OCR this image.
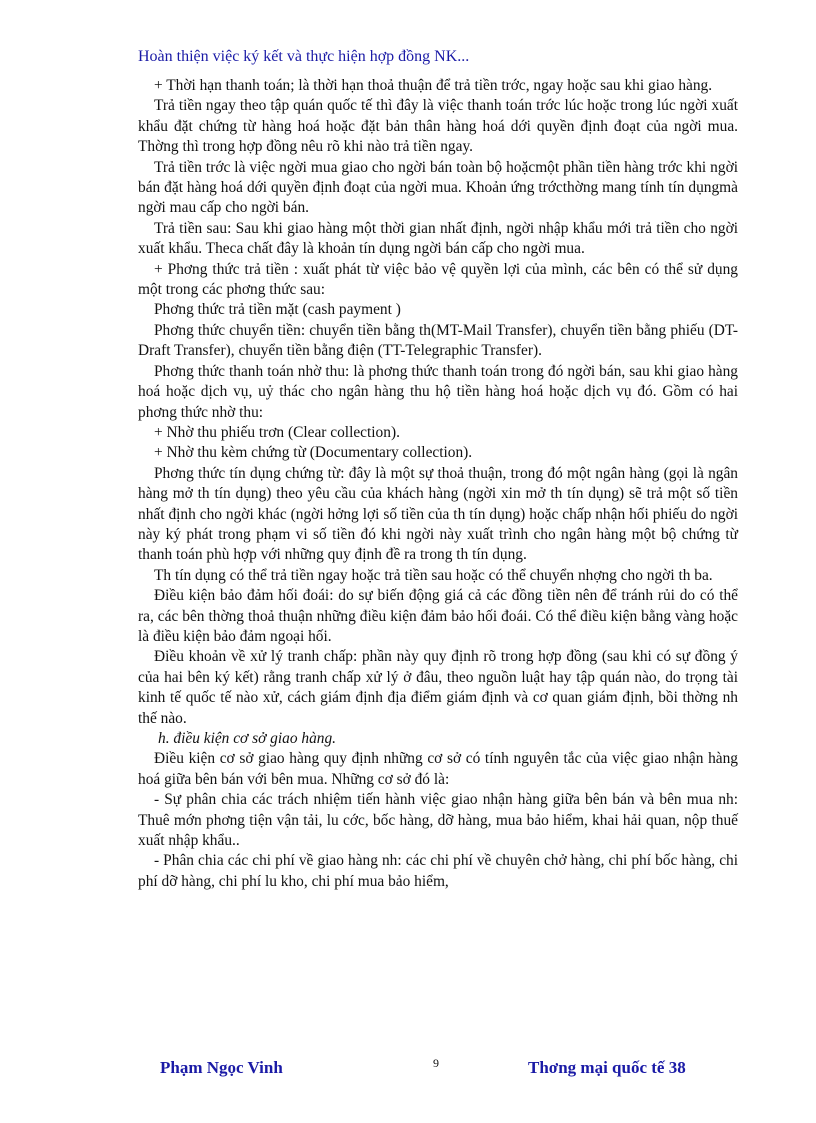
Hoàn thiện việc ký kết và thực hiện hợp đồng NK...

+ Thời hạn thanh toán; là thời hạn thoả thuận để trả tiền trớc, ngay hoặc sau khi giao hàng.

Trả tiền ngay theo tập quán quốc tế thì đây là việc thanh toán trớc lúc hoặc trong lúc ngời xuất khẩu đặt chứng từ hàng hoá hoặc đặt bản thân hàng hoá dới quyền định đoạt của ngời mua. Thờng thì trong hợp đồng nêu rõ khi nào trả tiền ngay.

Trả tiền trớc là việc ngời mua giao cho ngời bán toàn bộ hoặcmột phần tiền hàng trớc khi ngời bán đặt hàng hoá dới quyền định đoạt của ngời mua. Khoản ứng trớcthờng mang tính tín dụngmà ngời mau cấp cho ngời bán.

Trả tiền sau: Sau khi giao hàng một thời gian nhất định, ngời nhập khẩu mới trả tiền cho ngời xuất khẩu. Theca chất đây là khoản tín dụng ngời bán cấp cho ngời mua.

+ Phơng thức trả tiền : xuất phát từ việc bảo vệ quyền lợi của mình, các bên có thể sử dụng một trong các phơng thức sau:

Phơng thức trả tiền mặt (cash payment )

Phơng thức chuyển tiền: chuyển tiền bằng th(MT-Mail Transfer), chuyển tiền bằng phiếu (DT-Draft Transfer), chuyển tiền bằng điện (TT-Telegraphic Transfer).

Phơng thức thanh toán nhờ thu: là phơng thức thanh toán trong đó ngời bán, sau khi giao hàng hoá hoặc dịch vụ, uỷ thác cho ngân hàng thu hộ tiền hàng hoá hoặc dịch vụ đó. Gồm có hai phơng thức nhờ thu:

+ Nhờ thu phiếu trơn (Clear collection).

+ Nhờ thu kèm chứng từ (Documentary collection).

Phơng thức tín dụng chứng từ: đây là một sự thoả thuận, trong đó một ngân hàng (gọi là ngân hàng mở th tín dụng) theo yêu cầu của khách hàng (ngời xin mở th tín dụng) sẽ trả một số tiền nhất định cho ngời khác (ngời hởng lợi số tiền của th tín dụng) hoặc chấp nhận hối phiếu do ngời này ký phát trong phạm vi số tiền đó khi ngời này xuất trình cho ngân hàng một bộ chứng từ thanh toán phù hợp với những quy định đề ra trong th tín dụng.

Th tín dụng có thể trả tiền ngay hoặc trả tiền sau hoặc có thể chuyển nhợng cho ngời th ba.

Điều kiện bảo đảm hối đoái: do sự biến động giá cả các đồng tiền nên để tránh rủi do có thể ra, các bên thờng thoả thuận những điều kiện đảm bảo hối đoái. Có thể điều kiện bằng vàng hoặc là điều kiện bảo đảm ngoại hối.

Điều khoản về xử lý tranh chấp: phần này quy định rõ trong hợp đồng (sau khi có sự đồng ý của hai bên ký kết) rằng tranh chấp xử lý ở đâu, theo nguồn luật hay tập quán nào, do trọng tài kinh tế quốc tế nào xử, cách giám định địa điểm giám định và cơ quan giám định, bồi thờng nh thế nào.

h. điều kiện cơ sở giao hàng.

Điều kiện cơ sở giao hàng quy định những cơ sở có tính nguyên tắc của việc giao nhận hàng hoá giữa bên bán với bên mua. Những cơ sở đó là:

- Sự phân chia các trách nhiệm tiến hành việc giao nhận hàng giữa bên bán và bên mua nh: Thuê mớn phơng tiện vận tải, lu cớc, bốc hàng, dỡ hàng, mua bảo hiểm, khai hải quan, nộp thuế xuất nhập khẩu..

- Phân chia các chi phí về giao hàng nh: các chi phí về chuyên chở hàng, chi phí bốc hàng, chi phí dỡ hàng, chi phí lu kho, chi phí mua bảo hiểm,

Phạm Ngọc Vinh	9	Thơng mại quốc tế 38
